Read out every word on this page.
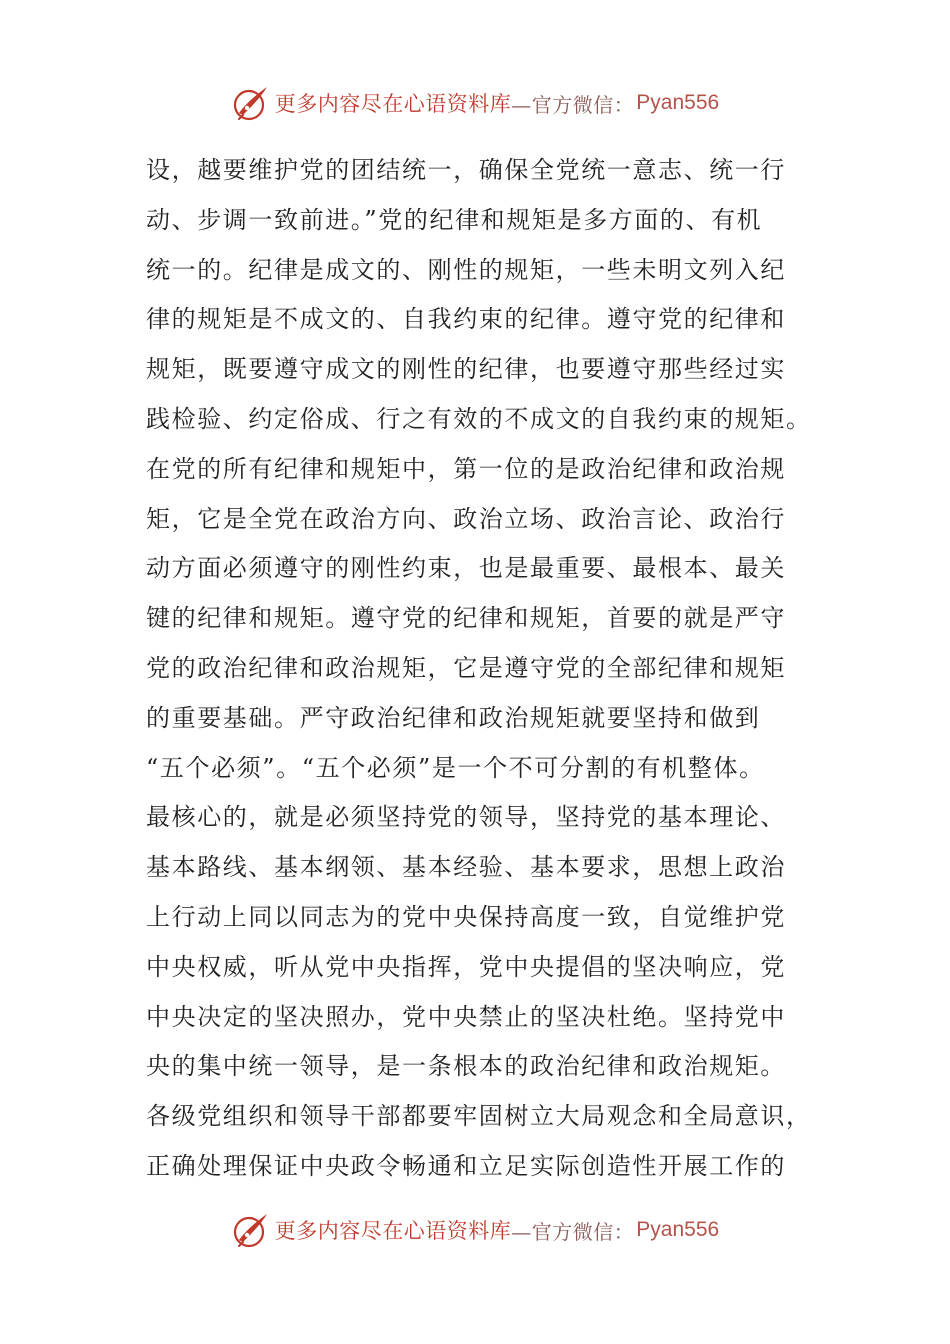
更多内容尽在心语资料库 —官方微信： Pyan556
设，越要维护党的团结统一，确保全党统一意志、统一行
动、步调一致前进。”党的纪律和规矩是多方面的、有机
统一的。纪律是成文的、刚性的规矩，一些未明文列入纪
律的规矩是不成文的、自我约束的纪律。遵守党的纪律和
规矩，既要遵守成文的刚性的纪律，也要遵守那些经过实
践检验、约定俗成、行之有效的不成文的自我约束的规矩。
在党的所有纪律和规矩中，第一位的是政治纪律和政治规
矩，它是全党在政治方向、政治立场、政治言论、政治行
动方面必须遵守的刚性约束，也是最重要、最根本、最关
键的纪律和规矩。遵守党的纪律和规矩，首要的就是严守
党的政治纪律和政治规矩，它是遵守党的全部纪律和规矩
的重要基础。严守政治纪律和政治规矩就要坚持和做到
“五个必须”。“五个必须”是一个不可分割的有机整体。
最核心的，就是必须坚持党的领导，坚持党的基本理论、
基本路线、基本纲领、基本经验、基本要求，思想上政治
上行动上同以同志为的党中央保持高度一致，自觉维护党
中央权威，听从党中央指挥，党中央提倡的坚决响应，党
中央决定的坚决照办，党中央禁止的坚决杜绝。坚持党中
央的集中统一领导，是一条根本的政治纪律和政治规矩。
各级党组织和领导干部都要牢固树立大局观念和全局意识，
正确处理保证中央政令畅通和立足实际创造性开展工作的
更多内容尽在心语资料库 —官方微信： Pyan556
